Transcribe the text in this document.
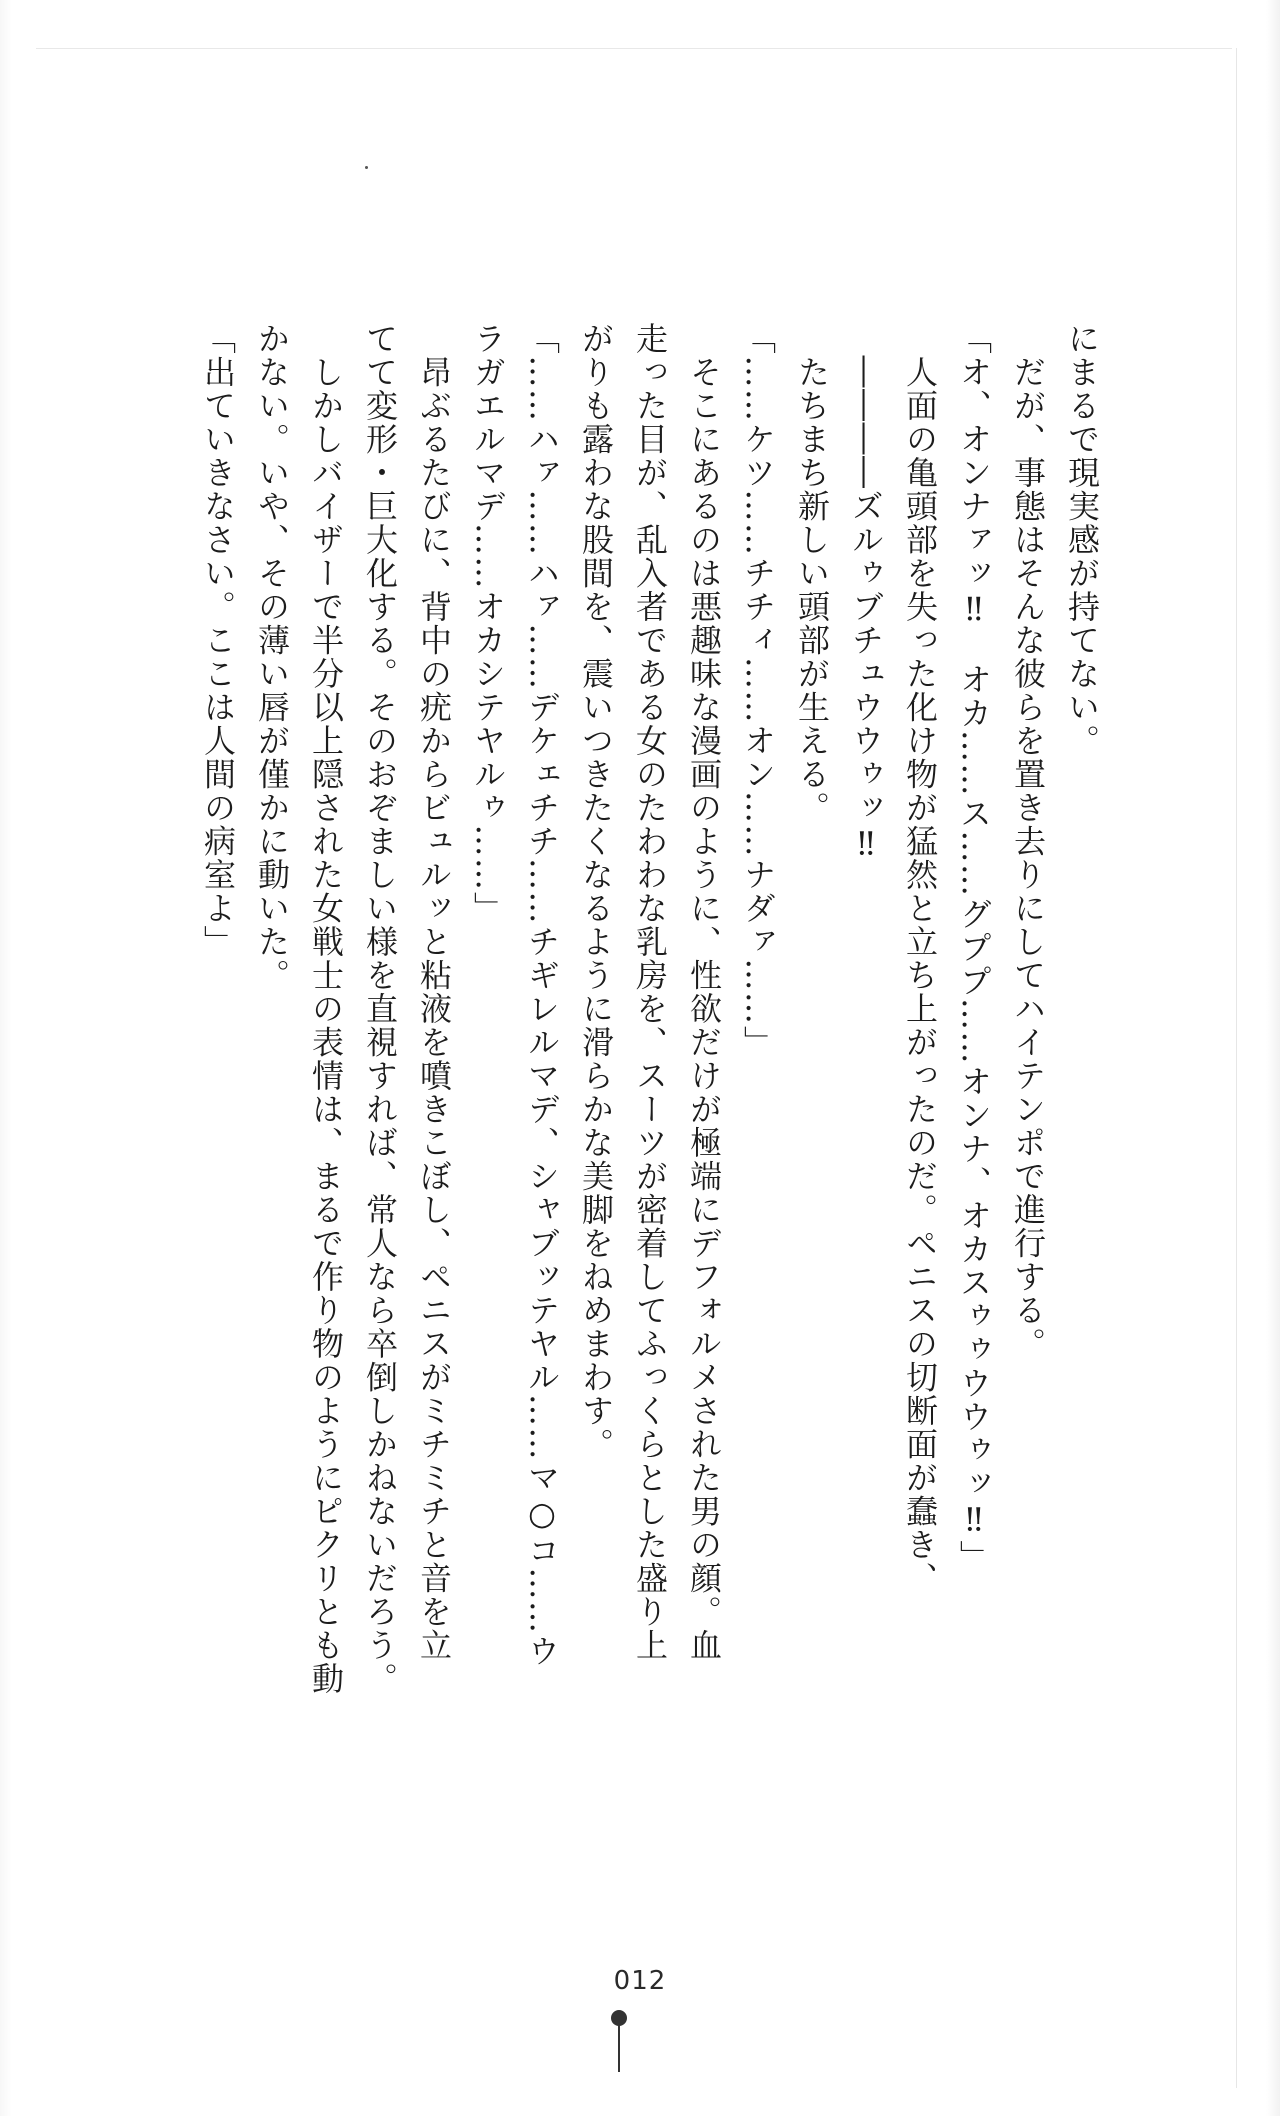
にまるで現実感が持てない。
　だが、事態はそんな彼らを置き去りにしてハイテンポで進行する。
「オ、オンナァッ‼　オカ……ス……グププ……オンナ、オカスゥゥウウゥッ‼」
　人面の亀頭部を失った化け物が猛然と立ち上がったのだ。ペニスの切断面が蠢き、
　――――ズルゥブチュウウゥッ‼
　たちまち新しい頭部が生える。
「……ケツ……チチィ……オン……ナダァ……」
　そこにあるのは悪趣味な漫画のように、性欲だけが極端にデフォルメされた男の顔。血
走った目が、乱入者である女のたわわな乳房を、スーツが密着してふっくらとした盛り上
がりも露わな股間を、震いつきたくなるように滑らかな美脚をねめまわす。
「……ハァ……ハァ……デケェチチ……チギレルマデ、シャブッテヤル……マ○コ……ウ
ラガエルマデ……オカシテヤルゥ……」
　昂ぶるたびに、背中の疣からビュルッと粘液を噴きこぼし、ペニスがミチミチと音を立
てて変形・巨大化する。そのおぞましい様を直視すれば、常人なら卒倒しかねないだろう。
　しかしバイザーで半分以上隠された女戦士の表情は、まるで作り物のようにピクリとも動
かない。いや、その薄い唇が僅かに動いた。
「出ていきなさい。ここは人間の病室よ」
012
